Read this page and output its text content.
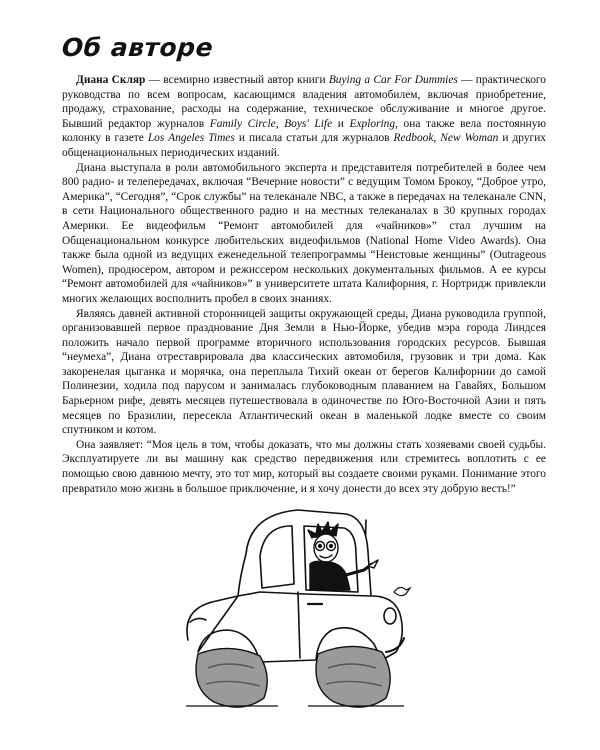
Об авторе

Диана Скляр — всемирно известный автор книги Buying a Car For Dummies — практического руководства по всем вопросам, касающимся владения автомобилем, включая приобретение, продажу, страхование, расходы на содержание, техническое обслуживание и многое другое. Бывший редактор журналов Family Circle, Boys' Life и Exploring, она также вела постоянную колонку в газете Los Angeles Times и писала статьи для журналов Redbook, New Woman и других общенациональных периодических изданий.

Диана выступала в роли автомобильного эксперта и представителя потребителей в более чем 800 радио- и телепередачах, включая “Вечерние новости” с ведущим Томом Брокоу, “Доброе утро, Америка”, “Сегодня”, “Срок службы” на телеканале NBC, а также в передачах на телеканале CNN, в сети Национального общественного радио и на местных телеканалах в 30 крупных городах Америки. Ее видеофильм “Ремонт автомобилей для «чайников»” стал лучшим на Общенациональном конкурсе любительских видеофильмов (National Home Video Awards). Она также была одной из ведущих еженедельной телепрограммы “Неистовые женщины” (Outrageous Women), продюсером, автором и режиссером нескольких документальных фильмов. А ее курсы “Ремонт автомобилей для «чайников»” в университете штата Калифорния, г. Нортридж привлекли многих желающих восполнить пробел в своих знаниях.

Являясь давней активной сторонницей защиты окружающей среды, Диана руководила группой, организовавшей первое празднование Дня Земли в Нью-Йорке, убедив мэра города Линдсея положить начало первой программе вторичного использования городских ресурсов. Бывшая “неумеха”, Диана отреставрировала два классических автомобиля, грузовик и три дома. Как закоренелая цыганка и морячка, она переплыла Тихий океан от берегов Калифорнии до самой Полинезии, ходила под парусом и занималась глубоководным плаванием на Гавайях, Большом Барьерном рифе, девять месяцев путешествовала в одиночестве по Юго-Восточной Азии и пять месяцев по Бразилии, пересекла Атлантический океан в маленькой лодке вместе со своим спутником и котом.

Она заявляет: “Моя цель в том, чтобы доказать, что мы должны стать хозяевами своей судьбы. Эксплуатируете ли вы машину как средство передвижения или стремитесь воплотить с ее помощью свою давнюю мечту, это тот мир, который вы создаете своими руками. Понимание этого превратило мою жизнь в большое приключение, и я хочу донести до всех эту добрую весть!”
